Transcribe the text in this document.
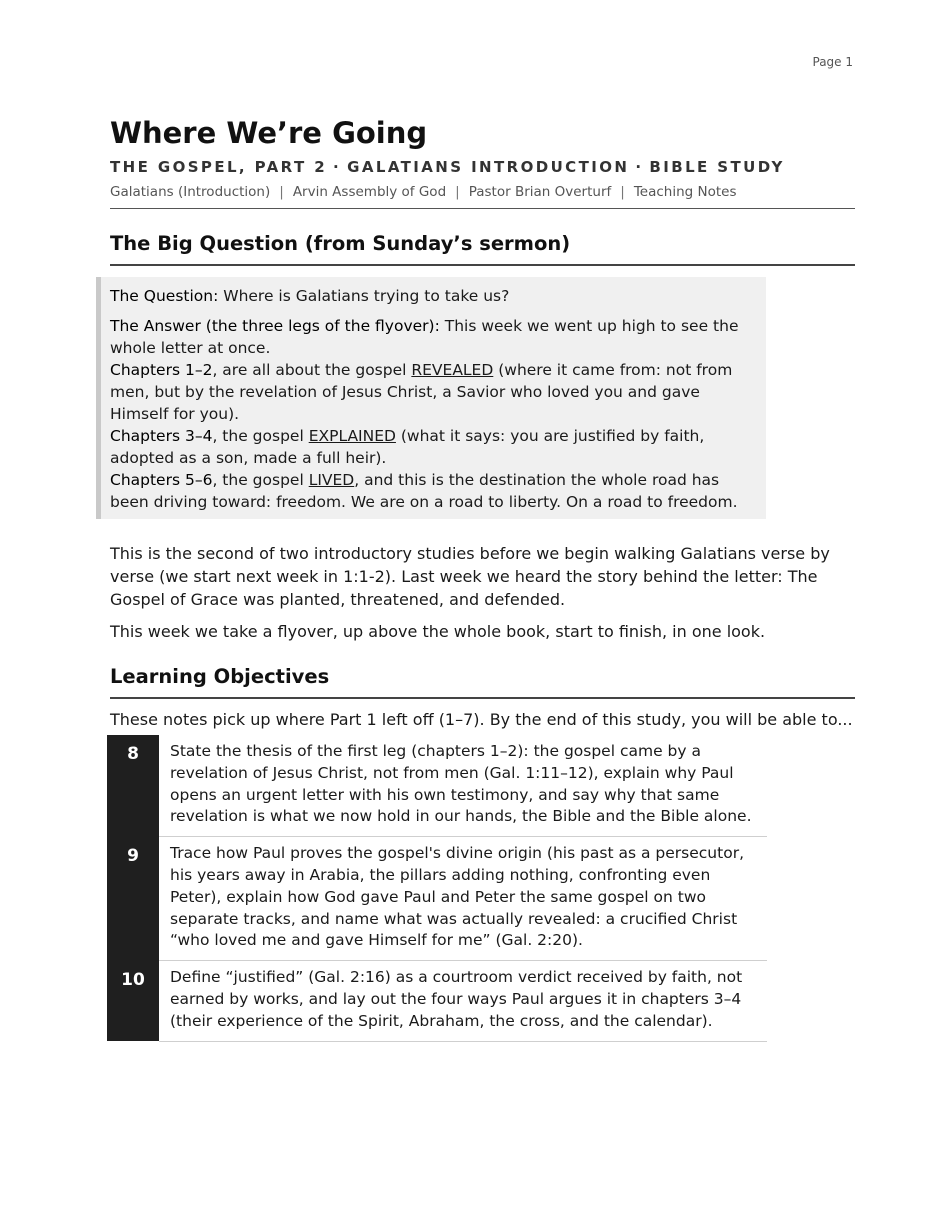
Page 1
Where We’re Going
THE GOSPEL, PART 2 · GALATIANS INTRODUCTION · BIBLE STUDY
Galatians (Introduction) | Arvin Assembly of God | Pastor Brian Overturf | Teaching Notes
The Big Question (from Sunday’s sermon)

The Question: Where is Galatians trying to take us?

The Answer (the three legs of the flyover): This week we went up high to see the whole letter at once.

Chapters 1–2, are all about the gospel REVEALED (where it came from: not from men, but by the revelation of Jesus Christ, a Savior who loved you and gave Himself for you).

Chapters 3–4, the gospel EXPLAINED (what it says: you are justified by faith, adopted as a son, made a full heir).

Chapters 5–6, the gospel LIVED, and this is the destination the whole road has been driving toward: freedom. We are on a road to liberty. On a road to freedom.

This is the second of two introductory studies before we begin walking Galatians verse by verse (we start next week in 1:1-2). Last week we heard the story behind the letter: The Gospel of Grace was planted, threatened, and defended.

This week we take a flyover, up above the whole book, start to finish, in one look.

Learning Objectives
These notes pick up where Part 1 left off (1–7). By the end of this study, you will be able to...
8	State the thesis of the first leg (chapters 1–2): the gospel came by a revelation of Jesus Christ, not from men (Gal. 1:11–12), explain why Paul opens an urgent letter with his own testimony, and say why that same revelation is what we now hold in our hands, the Bible and the Bible alone.
9	Trace how Paul proves the gospel's divine origin (his past as a persecutor, his years away in Arabia, the pillars adding nothing, confronting even Peter), explain how God gave Paul and Peter the same gospel on two separate tracks, and name what was actually revealed: a crucified Christ “who loved me and gave Himself for me” (Gal. 2:20).
10	Define “justified” (Gal. 2:16) as a courtroom verdict received by faith, not earned by works, and lay out the four ways Paul argues it in chapters 3–4 (their experience of the Spirit, Abraham, the cross, and the calendar).
